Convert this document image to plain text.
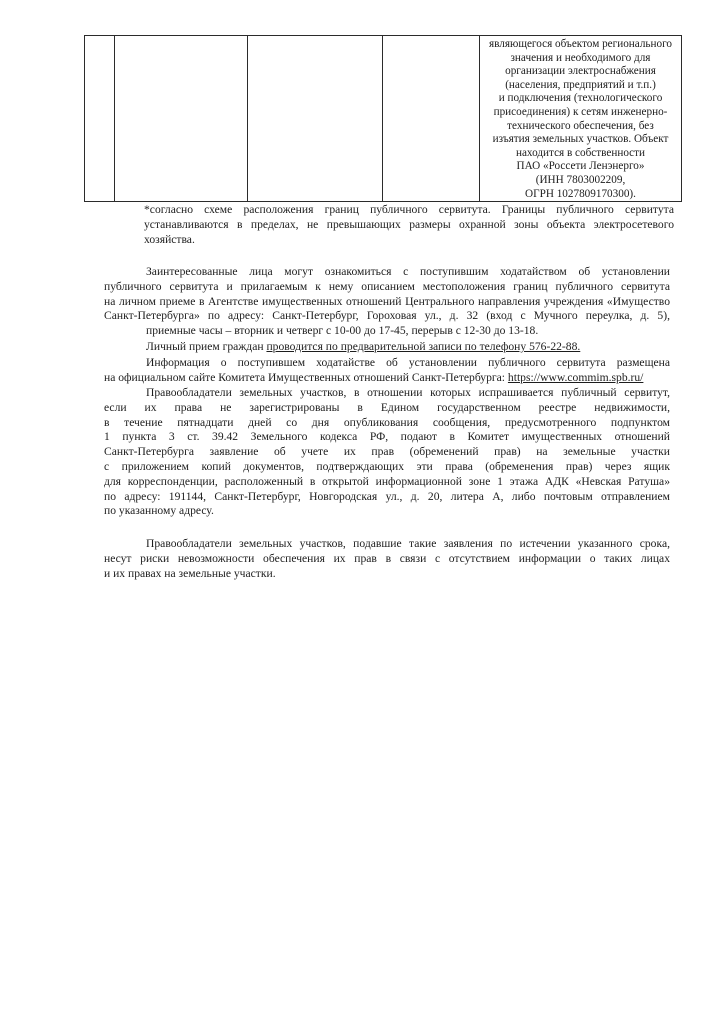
являющегося объектом регионального
значения и необходимого для
организации электроснабжения
(населения, предприятий и т.п.)
и подключения (технологического
присоединения) к сетям инженерно-
технического обеспечения, без
изъятия земельных участков. Объект
находится в собственности
ПАО «Россети Ленэнерго»
(ИНН 7803002209,
ОГРН 1027809170300).
*согласно схеме расположения границ публичного сервитута. Границы публичного сервитута
устанавливаются в пределах, не превышающих размеры охранной зоны объекта электросетевого
хозяйства.
Заинтересованные лица могут ознакомиться с поступившим ходатайством об установлении
публичного сервитута и прилагаемым к нему описанием местоположения границ публичного сервитута
на личном приеме в Агентстве имущественных отношений Центрального направления учреждения «Имущество
Санкт-Петербурга» по адресу: Санкт-Петербург, Гороховая ул., д. 32 (вход с Мучного переулка, д. 5),
приемные часы – вторник и четверг с 10-00 до 17-45, перерыв с 12-30 до 13-18.
Личный прием граждан проводится по предварительной записи по телефону 576-22-88.
Информация о поступившем ходатайстве об установлении публичного сервитута размещена
на официальном сайте Комитета Имущественных отношений Санкт-Петербурга: https://www.commim.spb.ru/
Правообладатели земельных участков, в отношении которых испрашивается публичный сервитут,
если их права не зарегистрированы в Едином государственном реестре недвижимости,
в течение пятнадцати дней со дня опубликования сообщения, предусмотренного подпунктом
1 пункта 3 ст. 39.42 Земельного кодекса РФ, подают в Комитет имущественных отношений
Санкт-Петербурга заявление об учете их прав (обременений прав) на земельные участки
с приложением копий документов, подтверждающих эти права (обременения прав) через ящик
для корреспонденции, расположенный в открытой информационной зоне 1 этажа АДК «Невская Ратуша»
по адресу: 191144, Санкт-Петербург, Новгородская ул., д. 20, литера А, либо почтовым отправлением
по указанному адресу.
Правообладатели земельных участков, подавшие такие заявления по истечении указанного срока,
несут риски невозможности обеспечения их прав в связи с отсутствием информации о таких лицах
и их правах на земельные участки.
